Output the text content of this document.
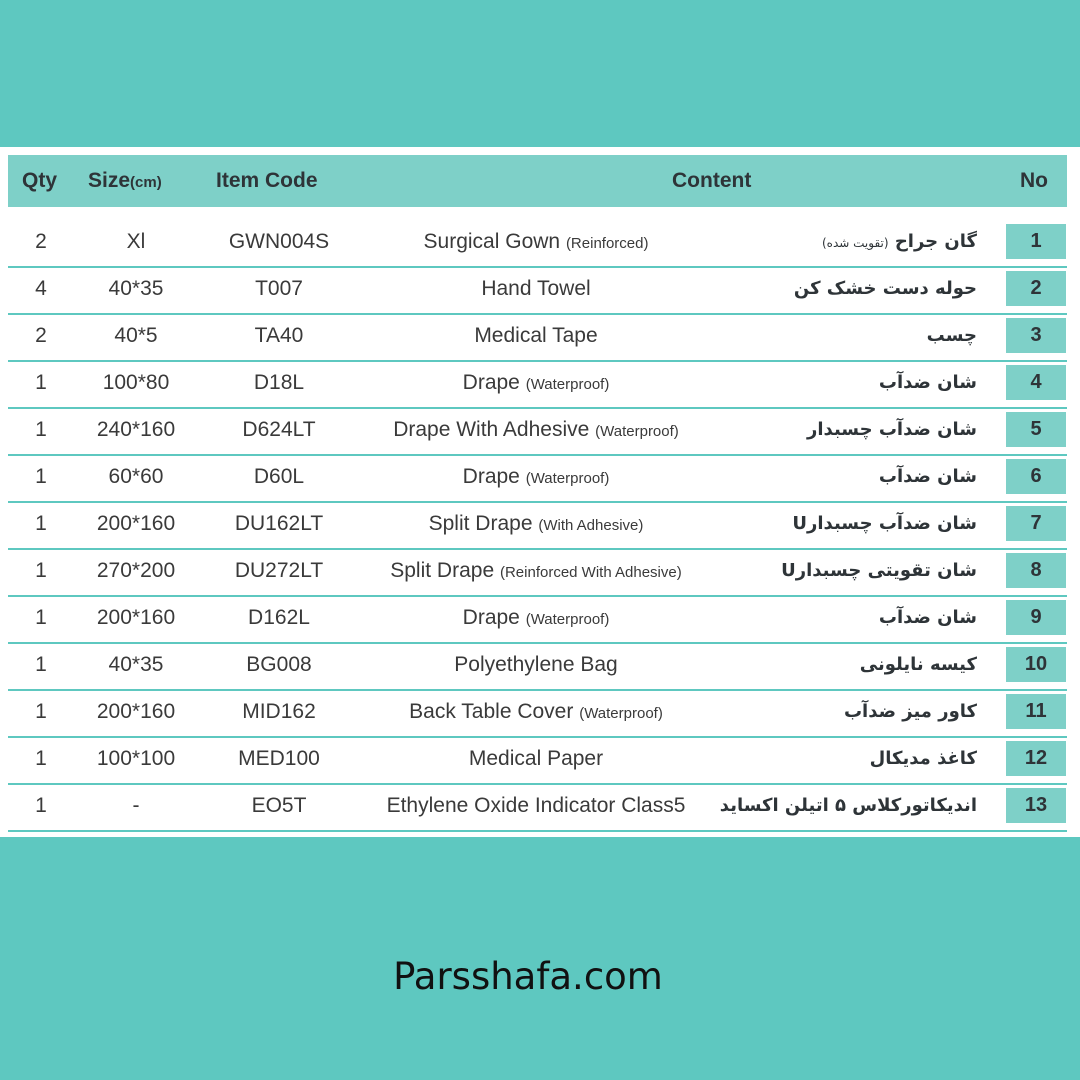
Qty Size(cm)	Item Code	Content	No
2	Xl	GWN004S	Surgical Gown (Reinforced)	گان جراح (تقویت شده)	1
4	40*35	T007	Hand Towel	حوله دست خشک کن	2
2	40*5	TA40	Medical Tape	چسب	3
1	100*80	D18L	Drape (Waterproof)	شان ضدآب	4
1	240*160	D624LT	Drape With Adhesive (Waterproof)	شان ضدآب چسبدار	5
1	60*60	D60L	Drape (Waterproof)	شان ضدآب	6
1	200*160	DU162LT	Split Drape (With Adhesive)	شان ضدآب چسبدارU	7
1	270*200	DU272LT	Split Drape (Reinforced With Adhesive)	شان تقویتی چسبدارU	8
1	200*160	D162L	Drape (Waterproof)	شان ضدآب	9
1	40*35	BG008	Polyethylene Bag	کیسه نایلونی	10
1	200*160	MID162	Back Table Cover (Waterproof)	کاور میز ضدآب	11
1	100*100	MED100	Medical Paper	کاغذ مدیکال	12
1	-	EO5T	Ethylene Oxide Indicator Class5	اندیکاتورکلاس ۵ اتیلن اکساید	13
Parsshafa.com
